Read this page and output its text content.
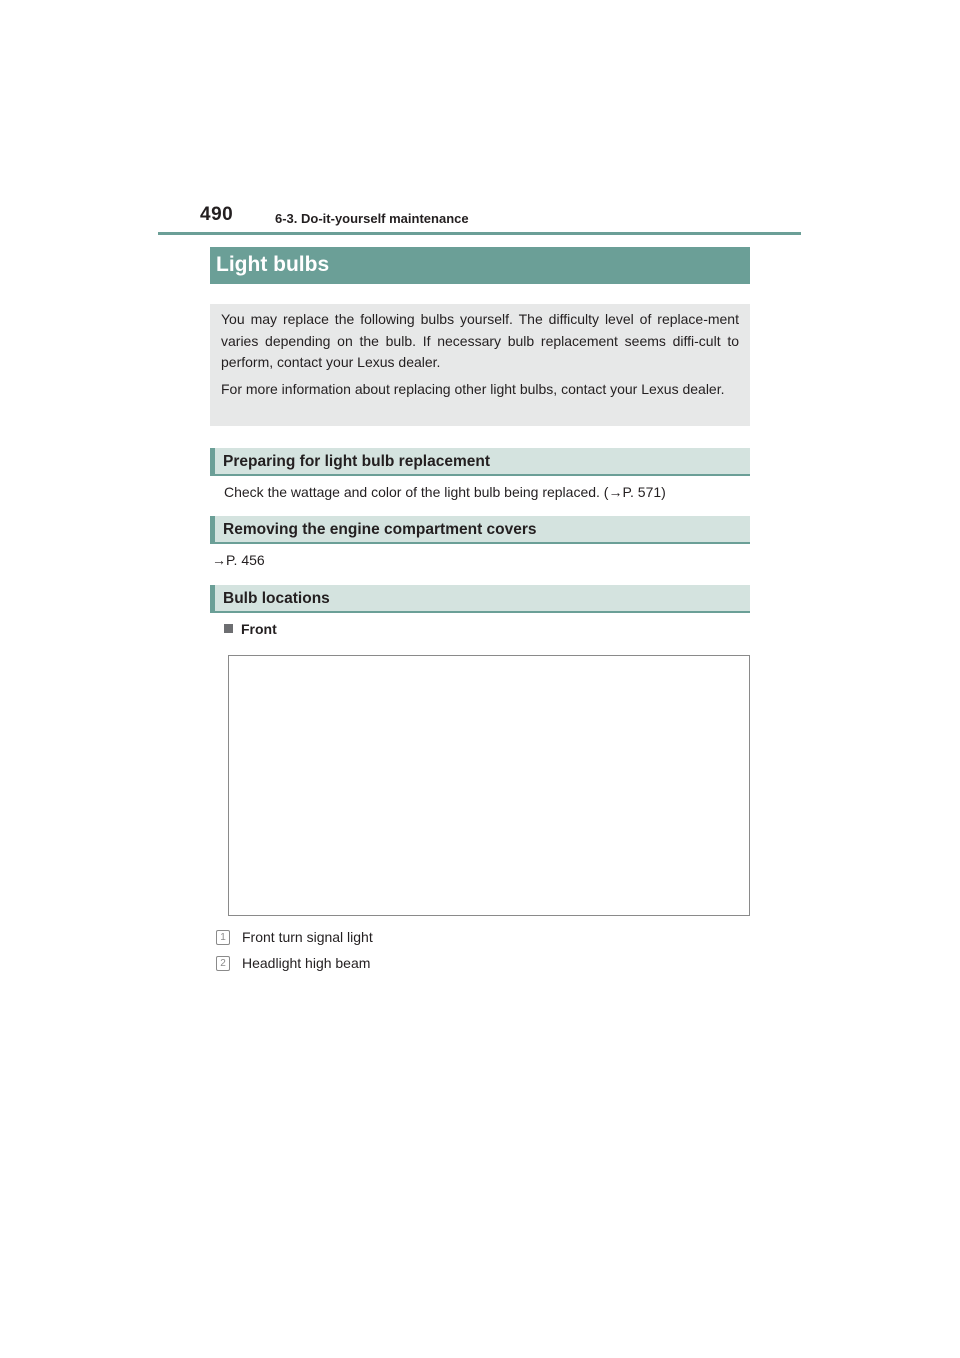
490	6-3. Do-it-yourself maintenance
Light bulbs

You may replace the following bulbs yourself. The difficulty level of replace-ment varies depending on the bulb. If necessary bulb replacement seems diffi-cult to perform, contact your Lexus dealer.

For more information about replacing other light bulbs, contact your Lexus dealer.

Preparing for light bulb replacement
Check the wattage and color of the light bulb being replaced. (→P. 571)
Removing the engine compartment covers
→P. 456
Bulb locations
Front
1	Front turn signal light
2	Headlight high beam
